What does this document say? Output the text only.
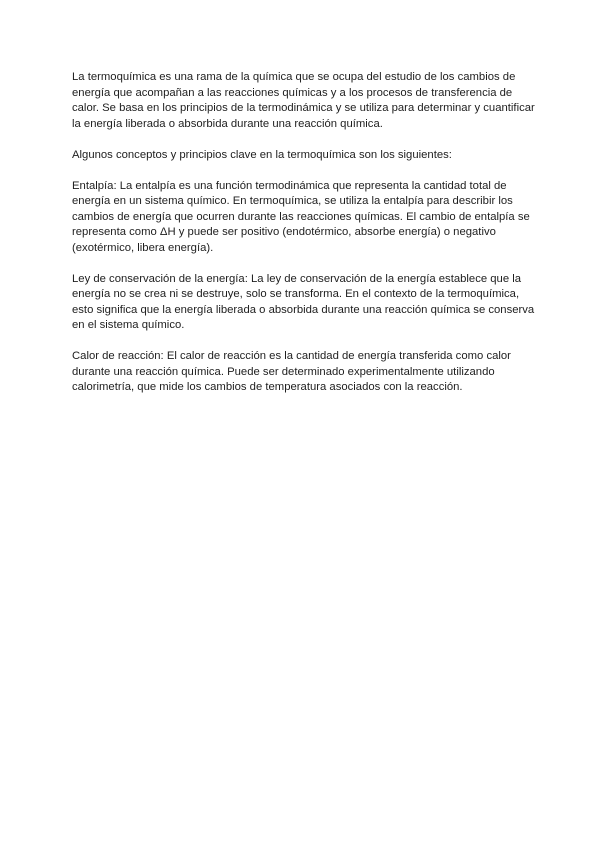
La termoquímica es una rama de la química que se ocupa del estudio de los cambios de energía que acompañan a las reacciones químicas y a los procesos de transferencia de calor. Se basa en los principios de la termodinámica y se utiliza para determinar y cuantificar la energía liberada o absorbida durante una reacción química.

Algunos conceptos y principios clave en la termoquímica son los siguientes:

Entalpía: La entalpía es una función termodinámica que representa la cantidad total de energía en un sistema químico. En termoquímica, se utiliza la entalpía para describir los cambios de energía que ocurren durante las reacciones químicas. El cambio de entalpía se representa como ΔH y puede ser positivo (endotérmico, absorbe energía) o negativo (exotérmico, libera energía).

Ley de conservación de la energía: La ley de conservación de la energía establece que la energía no se crea ni se destruye, solo se transforma. En el contexto de la termoquímica, esto significa que la energía liberada o absorbida durante una reacción química se conserva en el sistema químico.

Calor de reacción: El calor de reacción es la cantidad de energía transferida como calor durante una reacción química. Puede ser determinado experimentalmente utilizando calorimetría, que mide los cambios de temperatura asociados con la reacción.
